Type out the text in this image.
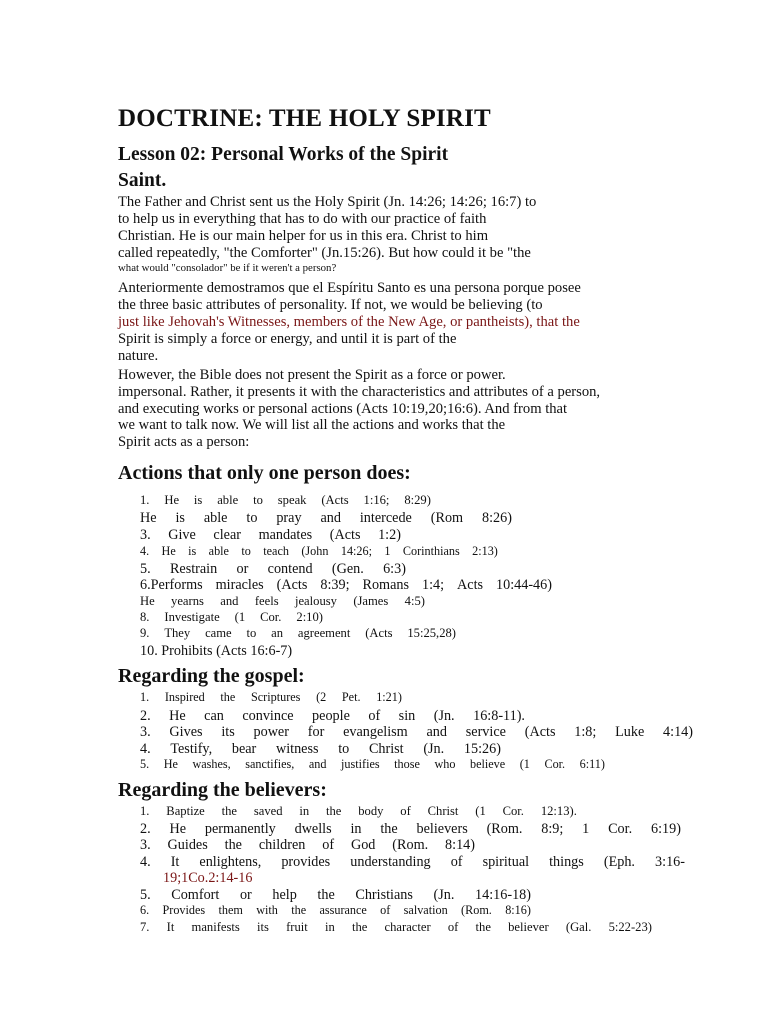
DOCTRINE: THE HOLY SPIRIT
Lesson 02: Personal Works of the Spirit
Saint.
The Father and Christ sent us the Holy Spirit (Jn. 14:26; 14:26; 16:7) to
to help us in everything that has to do with our practice of faith
Christian. He is our main helper for us in this era. Christ to him
called repeatedly, "the Comforter" (Jn.15:26). But how could it be "the
what would "consolador" be if it weren't a person?
Anteriormente demostramos que el Espíritu Santo es una persona porque posee
the three basic attributes of personality. If not, we would be believing (to
just like Jehovah's Witnesses, members of the New Age, or pantheists), that the
Spirit is simply a force or energy, and until it is part of the
nature.
However, the Bible does not present the Spirit as a force or power.
impersonal. Rather, it presents it with the characteristics and attributes of a person,
and executing works or personal actions (Acts 10:19,20;16:6). And from that
we want to talk now. We will list all the actions and works that the
Spirit acts as a person:
Actions that only one person does:
1. He is able to speak (Acts 1:16; 8:29)
He is able to pray and intercede (Rom 8:26)
3. Give clear mandates (Acts 1:2)
4. He is able to teach (John 14:26; 1 Corinthians 2:13)
5. Restrain or contend (Gen. 6:3)
6.Performs miracles (Acts 8:39; Romans 1:4; Acts 10:44-46)
He yearns and feels jealousy (James 4:5)
8. Investigate (1 Cor. 2:10)
9. They came to an agreement (Acts 15:25,28)
10. Prohibits (Acts 16:6-7)
Regarding the gospel:
1. Inspired the Scriptures (2 Pet. 1:21)
2. He can convince people of sin (Jn. 16:8-11).
3. Gives its power for evangelism and service (Acts 1:8; Luke 4:14)
4. Testify, bear witness to Christ (Jn. 15:26)
5. He washes, sanctifies, and justifies those who believe (1 Cor. 6:11)
Regarding the believers:
1. Baptize the saved in the body of Christ (1 Cor. 12:13).
2. He permanently dwells in the believers (Rom. 8:9; 1 Cor. 6:19)
3. Guides the children of God (Rom. 8:14)
4. It enlightens, provides understanding of spiritual things (Eph. 3:16-
19;1Co.2:14-16
5. Comfort or help the Christians (Jn. 14:16-18)
6. Provides them with the assurance of salvation (Rom. 8:16)
7. It manifests its fruit in the character of the believer (Gal. 5:22-23)
